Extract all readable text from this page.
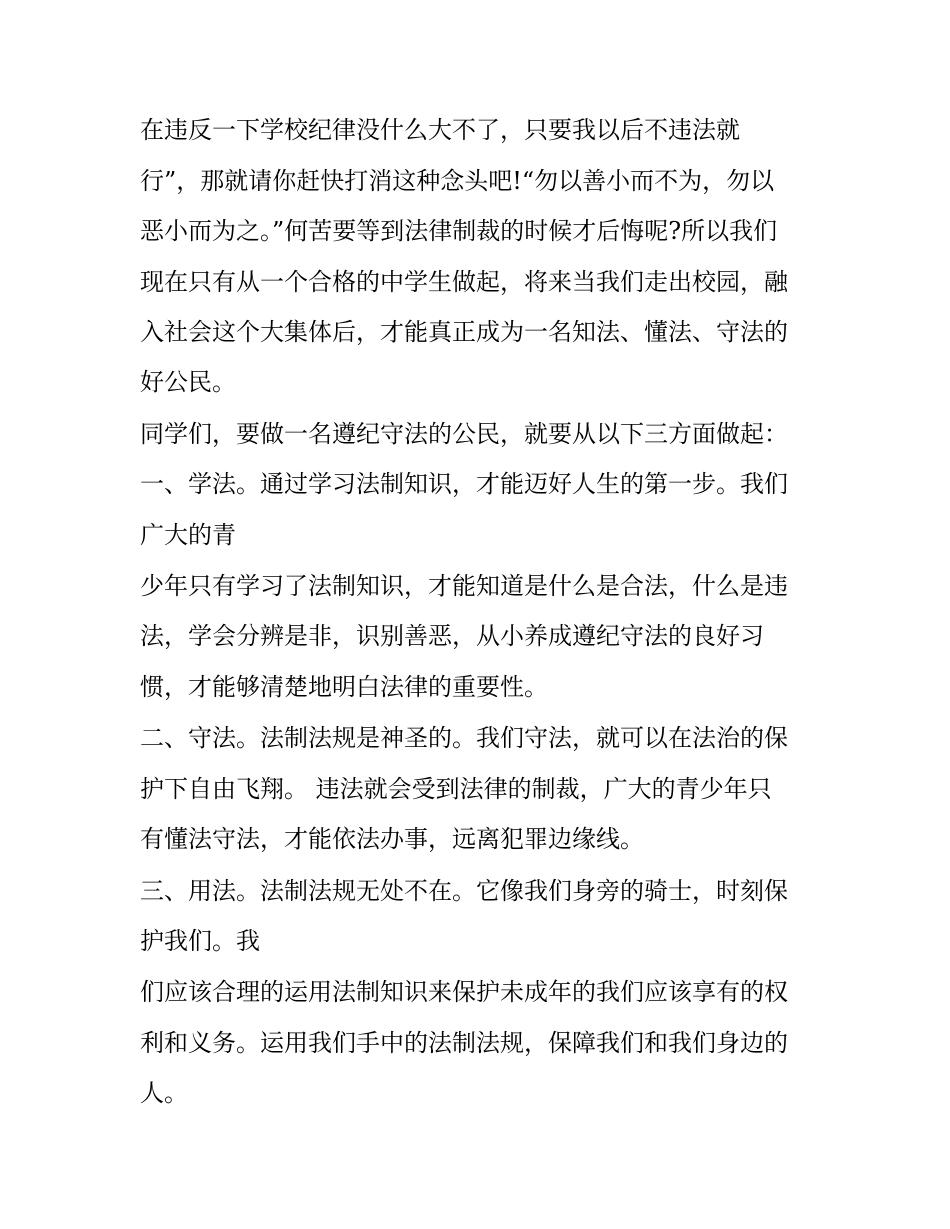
在违反一下学校纪律没什么大不了，只要我以后不违法就
行”，那就请你赶快打消这种念头吧!“勿以善小而不为，勿以
恶小而为之。”何苦要等到法律制裁的时候才后悔呢?所以我们
现在只有从一个合格的中学生做起，将来当我们走出校园，融
入社会这个大集体后，才能真正成为一名知法、懂法、守法的
好公民。
同学们，要做一名遵纪守法的公民，就要从以下三方面做起：
一、学法。通过学习法制知识，才能迈好人生的第一步。我们
广大的青
少年只有学习了法制知识，才能知道是什么是合法，什么是违
法，学会分辨是非，识别善恶，从小养成遵纪守法的良好习
惯，才能够清楚地明白法律的重要性。
二、守法。法制法规是神圣的。我们守法，就可以在法治的保
护下自由飞翔。 违法就会受到法律的制裁，广大的青少年只
有懂法守法，才能依法办事，远离犯罪边缘线。
三、用法。法制法规无处不在。它像我们身旁的骑士，时刻保
护我们。我
们应该合理的运用法制知识来保护未成年的我们应该享有的权
利和义务。运用我们手中的法制法规，保障我们和我们身边的
人。
